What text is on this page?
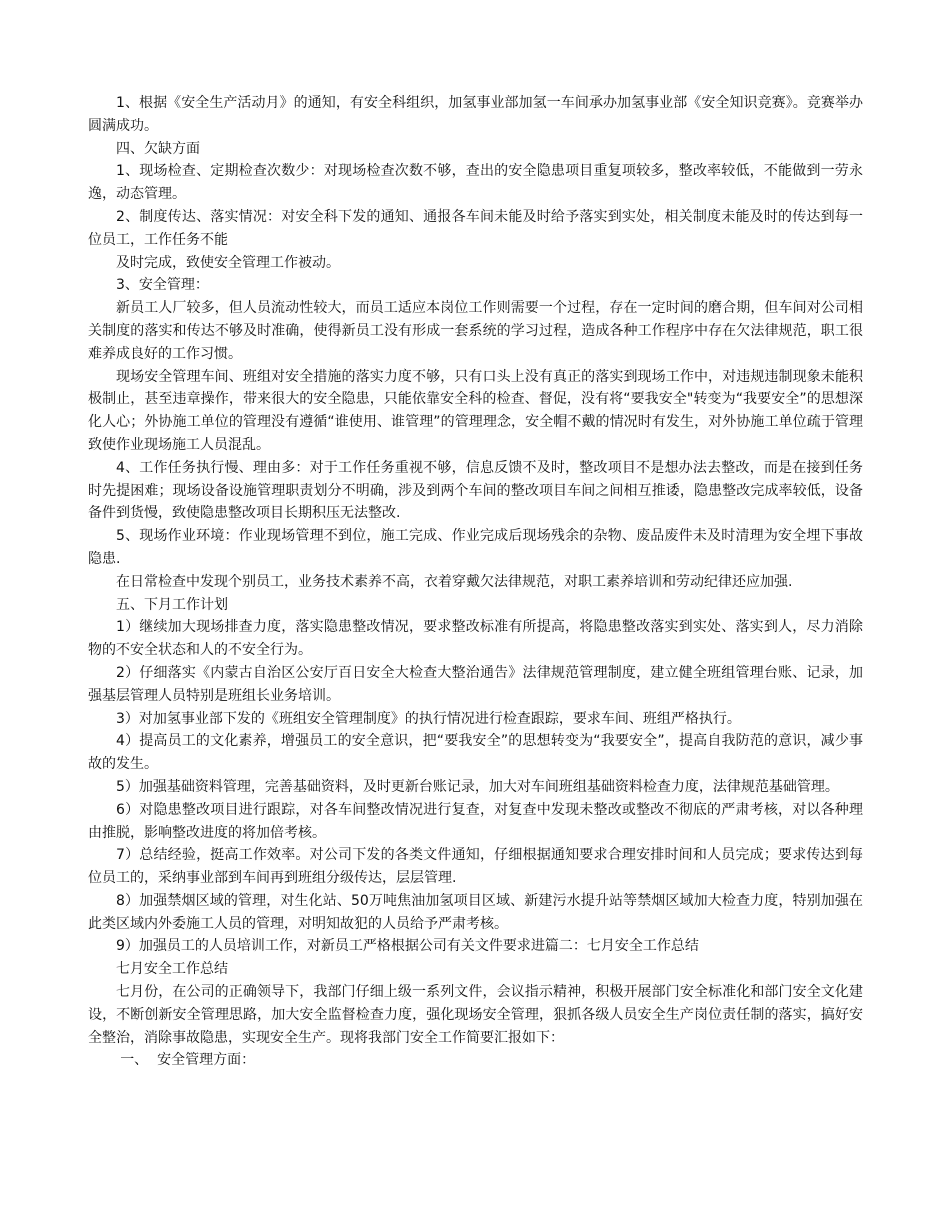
1、根据《安全生产活动月》的通知，有安全科组织，加氢事业部加氢一车间承办加氢事业部《安全知识竞赛》。竞赛举办圆满成功。

四、欠缺方面

1、现场检查、定期检查次数少：对现场检查次数不够，查出的安全隐患项目重复项较多，整改率较低，不能做到一劳永逸，动态管理。

2、制度传达、落实情况：对安全科下发的通知、通报各车间未能及时给予落实到实处，相关制度未能及时的传达到每一位员工，工作任务不能

及时完成，致使安全管理工作被动。

3、安全管理：

新员工人厂较多，但人员流动性较大，而员工适应本岗位工作则需要一个过程，存在一定时间的磨合期，但车间对公司相关制度的落实和传达不够及时准确，使得新员工没有形成一套系统的学习过程，造成各种工作程序中存在欠法律规范，职工很难养成良好的工作习惯。

现场安全管理车间、班组对安全措施的落实力度不够，只有口头上没有真正的落实到现场工作中，对违规违制现象未能积极制止，甚至违章操作，带来很大的安全隐患，只能依靠安全科的检查、督促，没有将“要我安全"转变为“我要安全”的思想深化人心；外协施工单位的管理没有遵循“谁使用、谁管理”的管理理念，安全帽不戴的情况时有发生，对外协施工单位疏于管理致使作业现场施工人员混乱。

4、工作任务执行慢、理由多：对于工作任务重视不够，信息反馈不及时，整改项目不是想办法去整改，而是在接到任务时先提困难；现场设备设施管理职责划分不明确，涉及到两个车间的整改项目车间之间相互推诿，隐患整改完成率较低，设备备件到货慢，致使隐患整改项目长期积压无法整改.

5、现场作业环境：作业现场管理不到位，施工完成、作业完成后现场残余的杂物、废品废件未及时清理为安全埋下事故隐患.

在日常检查中发现个别员工，业务技术素养不高，衣着穿戴欠法律规范，对职工素养培训和劳动纪律还应加强.

五、下月工作计划

1）继续加大现场排查力度，落实隐患整改情况，要求整改标准有所提高，将隐患整改落实到实处、落实到人，尽力消除物的不安全状态和人的不安全行为。

2）仔细落实《内蒙古自治区公安厅百日安全大检查大整治通告》法律规范管理制度，建立健全班组管理台账、记录，加强基层管理人员特别是班组长业务培训。

3）对加氢事业部下发的《班组安全管理制度》的执行情况进行检查跟踪，要求车间、班组严格执行。

4）提高员工的文化素养，增强员工的安全意识，把“要我安全”的思想转变为“我要安全”，提高自我防范的意识，减少事故的发生。

5）加强基础资料管理，完善基础资料，及时更新台账记录，加大对车间班组基础资料检查力度，法律规范基础管理。

6）对隐患整改项目进行跟踪，对各车间整改情况进行复查，对复查中发现未整改或整改不彻底的严肃考核，对以各种理由推脱，影响整改进度的将加倍考核。

7）总结经验，挺高工作效率。对公司下发的各类文件通知，仔细根据通知要求合理安排时间和人员完成；要求传达到每位员工的，采纳事业部到车间再到班组分级传达，层层管理.

8）加强禁烟区域的管理，对生化站、50万吨焦油加氢项目区域、新建污水提升站等禁烟区域加大检查力度，特别加强在此类区域内外委施工人员的管理，对明知故犯的人员给予严肃考核。

9）加强员工的人员培训工作，对新员工严格根据公司有关文件要求进篇二：七月安全工作总结

七月安全工作总结

七月份，在公司的正确领导下，我部门仔细上级一系列文件，会议指示精神，积极开展部门安全标准化和部门安全文化建设，不断创新安全管理思路，加大安全监督检查力度，强化现场安全管理，狠抓各级人员安全生产岗位责任制的落实，搞好安全整治，消除事故隐患，实现安全生产。现将我部门安全工作简要汇报如下：

一、  安全管理方面：
